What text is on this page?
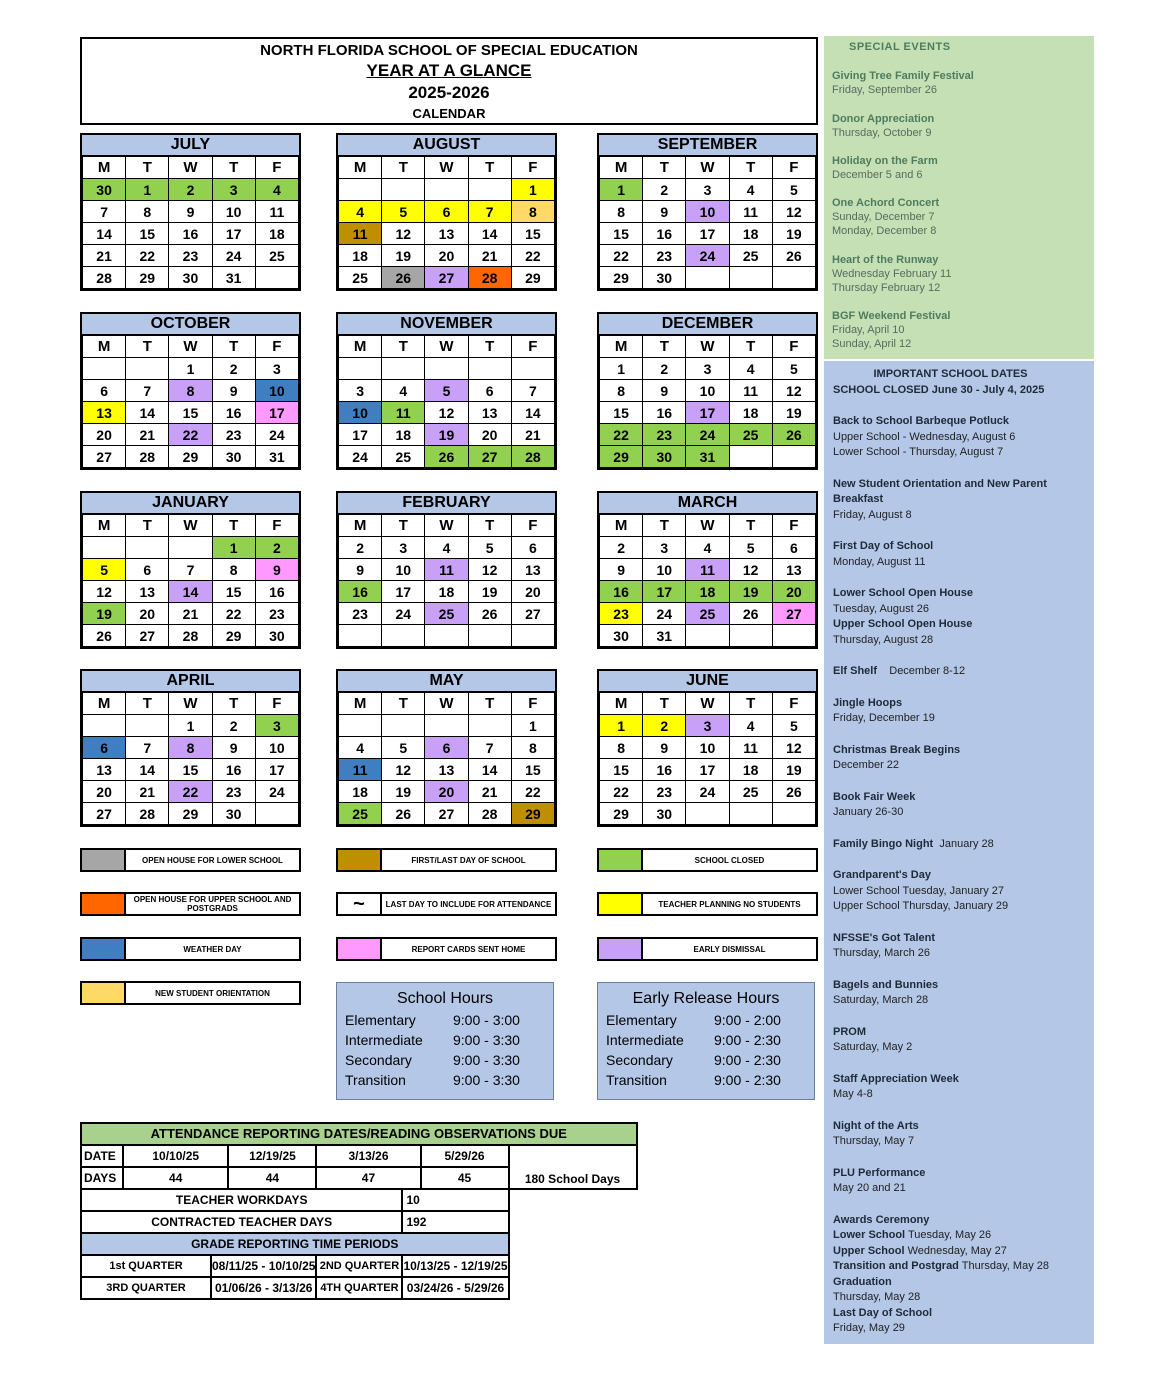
NORTH FLORIDA SCHOOL OF SPECIAL EDUCATION
YEAR AT A GLANCE
2025-2026
CALENDAR
JULY
M	T	W	T	F
30	1	2	3	4
7	8	9	10	11
14	15	16	17	18
21	22	23	24	25
28	29	30	31	
AUGUST
M	T	W	T	F
				1
4	5	6	7	8
11	12	13	14	15
18	19	20	21	22
25	26	27	28	29
SEPTEMBER
M	T	W	T	F
1	2	3	4	5
8	9	10	11	12
15	16	17	18	19
22	23	24	25	26
29	30			
OCTOBER
M	T	W	T	F
		1	2	3
6	7	8	9	10
13	14	15	16	17
20	21	22	23	24
27	28	29	30	31
NOVEMBER
M	T	W	T	F

3	4	5	6	7
10	11	12	13	14
17	18	19	20	21
24	25	26	27	28
DECEMBER
M	T	W	T	F
1	2	3	4	5
8	9	10	11	12
15	16	17	18	19
22	23	24	25	26
29	30	31		
JANUARY
M	T	W	T	F
			1	2
5	6	7	8	9
12	13	14	15	16
19	20	21	22	23
26	27	28	29	30
FEBRUARY
M	T	W	T	F
2	3	4	5	6
9	10	11	12	13
16	17	18	19	20
23	24	25	26	27

MARCH
M	T	W	T	F
2	3	4	5	6
9	10	11	12	13
16	17	18	19	20
23	24	25	26	27
30	31			
APRIL
M	T	W	T	F
		1	2	3
6	7	8	9	10
13	14	15	16	17
20	21	22	23	24
27	28	29	30	
MAY
M	T	W	T	F
				1
4	5	6	7	8
11	12	13	14	15
18	19	20	21	22
25	26	27	28	29
JUNE
M	T	W	T	F
1	2	3	4	5
8	9	10	11	12
15	16	17	18	19
22	23	24	25	26
29	30			
OPEN HOUSE FOR LOWER SCHOOL	FIRST/LAST DAY OF SCHOOL	SCHOOL CLOSED
OPEN HOUSE FOR UPPER SCHOOL AND POSTGRADS	~	LAST DAY TO INCLUDE FOR ATTENDANCE	TEACHER PLANNING NO STUDENTS
WEATHER DAY	REPORT CARDS SENT HOME	EARLY DISMISSAL
NEW STUDENT ORIENTATION	School Hours
Elementary	9:00 - 3:00
Intermediate	9:00 - 3:30
Secondary	9:00 - 3:30
Transition	9:00 - 3:30
Early Release Hours
Elementary	9:00 - 2:00
Intermediate	9:00 - 2:30
Secondary	9:00 - 2:30
Transition	9:00 - 2:30
ATTENDANCE REPORTING DATES/READING OBSERVATIONS DUE							
DATE	10/10/25		12/19/25	3/13/26		5/29/26	180 School Days
DAYS	44		44	47		45	
TEACHER WORKDAYS					10		
CONTRACTED TEACHER DAYS					192		
GRADE REPORTING TIME PERIODS							
1st QUARTER		08/11/25 - 10/10/25		2ND QUARTER	10/13/25 - 12/19/25		
3RD QUARTER		01/06/26 - 3/13/26		4TH QUARTER	03/24/26 - 5/29/26		
SPECIAL EVENTS
Giving Tree Family Festival
Friday, September 26
Donor Appreciation
Thursday, October 9
Holiday on the Farm
December 5 and 6
One Achord Concert
Sunday, December 7
Monday, December 8
Heart of the Runway
Wednesday February 11
Thursday February 12
BGF Weekend Festival
Friday, April 10
Sunday, April 12
IMPORTANT SCHOOL DATES
SCHOOL CLOSED June 30 - July 4, 2025
Back to School Barbeque Potluck
Upper School - Wednesday, August 6
Lower School - Thursday, August 7
New Student Orientation and New Parent Breakfast
Friday, August 8
First Day of School
Monday, August 11
Lower School Open House
Tuesday, August 26
Upper School Open House
Thursday, August 28
Elf Shelf December 8-12
Jingle Hoops
Friday, December 19
Christmas Break Begins
December 22
Book Fair Week
January 26-30
Family Bingo Night January 28
Grandparent's Day
Lower School Tuesday, January 27
Upper School Thursday, January 29
NFSSE's Got Talent
Thursday, March 26
Bagels and Bunnies
Saturday, March 28
PROM
Saturday, May 2
Staff Appreciation Week
May 4-8
Night of the Arts
Thursday, May 7
PLU Performance
May 20 and 21
Awards Ceremony
Lower School Tuesday, May 26
Upper School Wednesday, May 27
Transition and Postgrad Thursday, May 28
Graduation
Thursday, May 28
Last Day of School
Friday, May 29
